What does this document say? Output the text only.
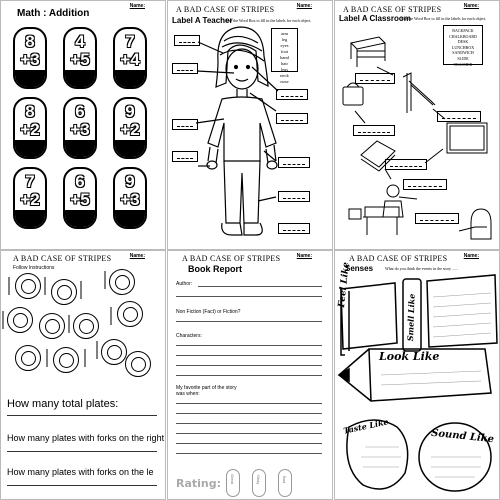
Name:
Math : Addition
8
+3
4
+5
7
+4
8
+2
6
+3
9
+2
7
+2
6
+5
9
+3
Name:
A BAD CASE OF STRIPES
Label A Teacher
Use the Word Box to fill in the labels for each object.
arm
leg
eyes
foot
hand
hair
legs
neck
nose
Name:
A BAD CASE OF STRIPES
Label A Classroom
Use the Word Box to fill in the labels for each object.
BACKPACK
CHALKBOARD
DESK
LUNCHBOX
SANDWICH
SLIDE
TEACHER
Name:
A BAD CASE OF STRIPES
Follow Instructions
How many total plates:
How many plates with forks on the right
How many plates with forks on the le
Name:
A BAD CASE OF STRIPES
Book Report
Author:
Non Fiction (Fact) or Fiction?
Characters:
My favorite part of the story was when:
Rating: Great	Okay	Bad
Name:
A BAD CASE OF STRIPES
Senses	What do you think the events in the story ......
Feel Like
Smell Like
Look Like
Taste Like
Sound Like
